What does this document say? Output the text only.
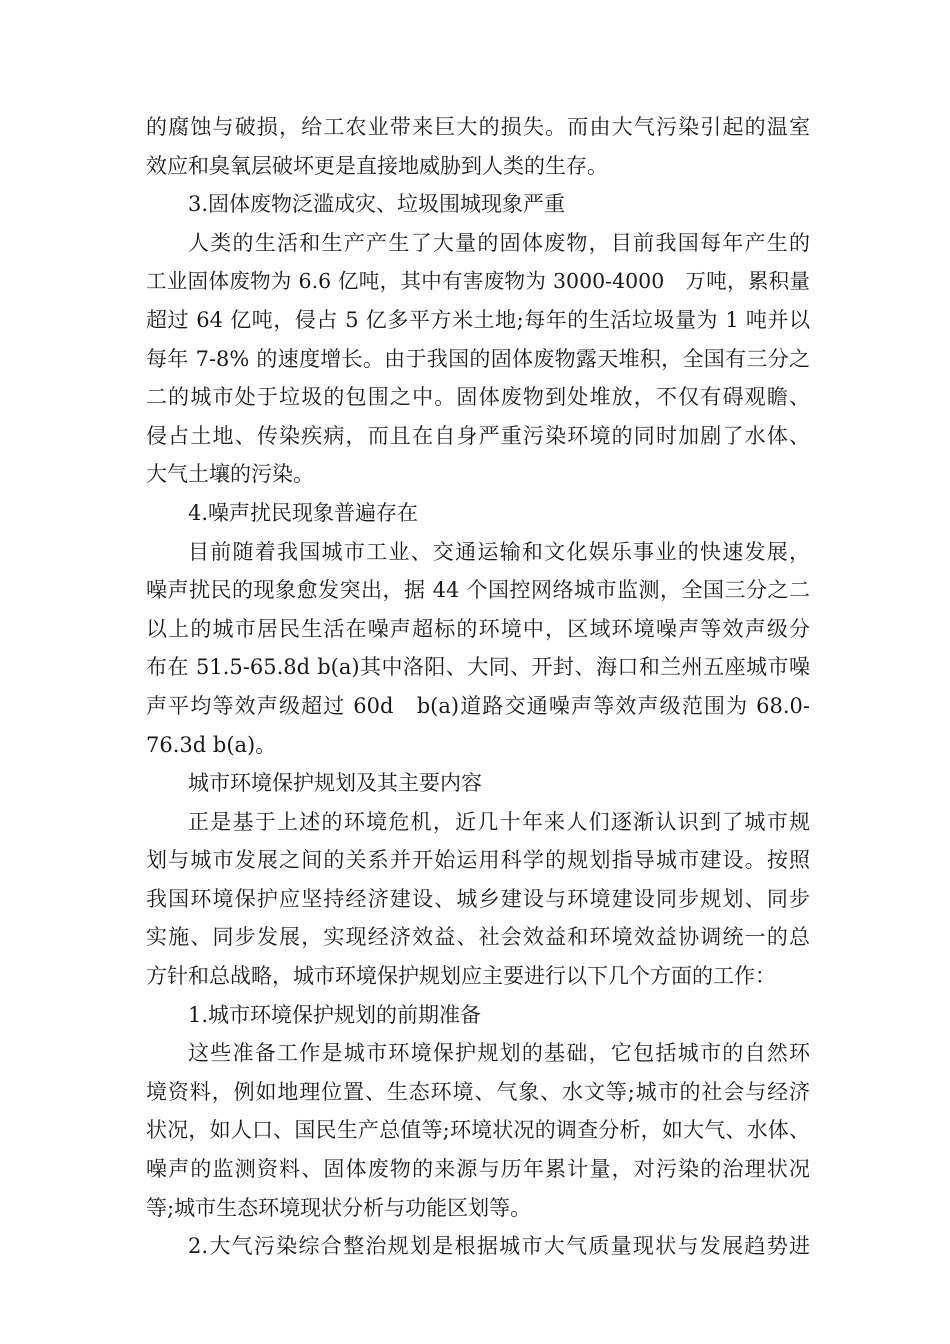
的腐蚀与破损，给工农业带来巨大的损失。而由大气污染引起的温室
效应和臭氧层破坏更是直接地威胁到人类的生存。
3.固体废物泛滥成灾、垃圾围城现象严重
人类的生活和生产产生了大量的固体废物，目前我国每年产生的
工业固体废物为 6.6 亿吨，其中有害废物为 3000-4000　万吨，累积量
超过 64 亿吨，侵占 5 亿多平方米土地;每年的生活垃圾量为 1 吨并以
每年 7-8% 的速度增长。由于我国的固体废物露天堆积，全国有三分之
二的城市处于垃圾的包围之中。固体废物到处堆放，不仅有碍观瞻、
侵占土地、传染疾病，而且在自身严重污染环境的同时加剧了水体、
大气土壤的污染。
4.噪声扰民现象普遍存在
目前随着我国城市工业、交通运输和文化娱乐事业的快速发展，
噪声扰民的现象愈发突出，据 44 个国控网络城市监测，全国三分之二
以上的城市居民生活在噪声超标的环境中，区域环境噪声等效声级分
布在 51.5-65.8d b(a)其中洛阳、大同、开封、海口和兰州五座城市噪
声平均等效声级超过 60d　b(a)道路交通噪声等效声级范围为 68.0-
76.3d b(a)。
城市环境保护规划及其主要内容
正是基于上述的环境危机，近几十年来人们逐渐认识到了城市规
划与城市发展之间的关系并开始运用科学的规划指导城市建设。按照
我国环境保护应坚持经济建设、城乡建设与环境建设同步规划、同步
实施、同步发展，实现经济效益、社会效益和环境效益协调统一的总
方针和总战略，城市环境保护规划应主要进行以下几个方面的工作：
1.城市环境保护规划的前期准备
这些准备工作是城市环境保护规划的基础，它包括城市的自然环
境资料，例如地理位置、生态环境、气象、水文等;城市的社会与经济
状况，如人口、国民生产总值等;环境状况的调查分析，如大气、水体、
噪声的监测资料、固体废物的来源与历年累计量，对污染的治理状况
等;城市生态环境现状分析与功能区划等。
2.大气污染综合整治规划是根据城市大气质量现状与发展趋势进
